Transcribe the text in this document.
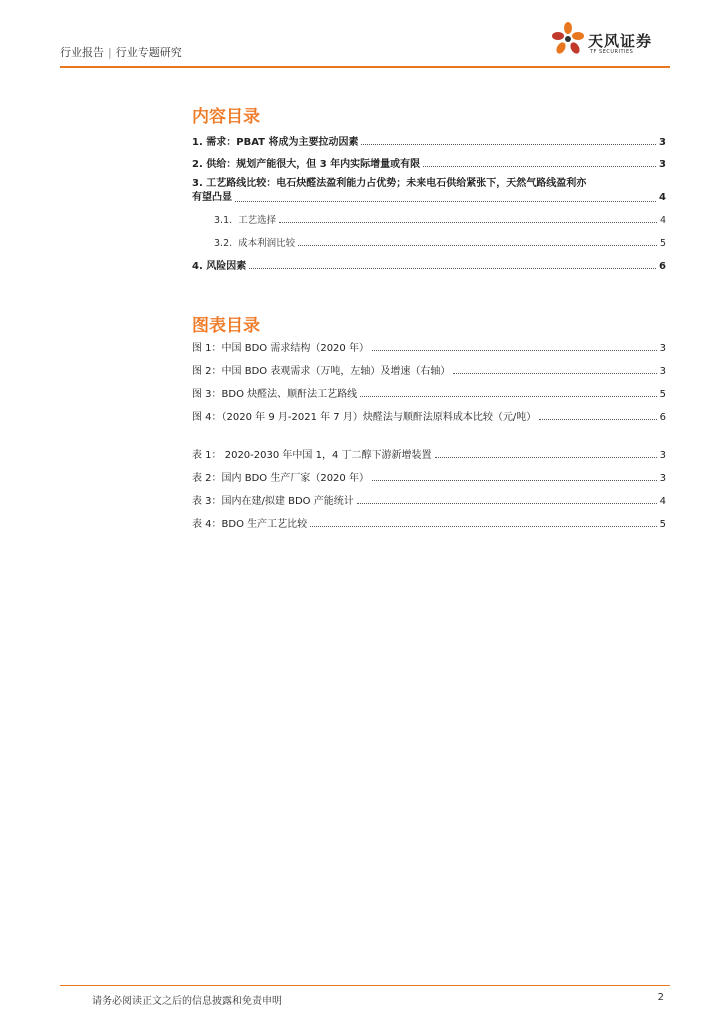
行业报告 | 行业专题研究
天风证券
TF SECURITIES
内容目录
1. 需求：PBAT 将成为主要拉动因素	3
2. 供给：规划产能很大，但 3 年内实际增量或有限	3
3. 工艺路线比较：电石炔醛法盈利能力占优势；未来电石供给紧张下，天然气路线盈利亦
有望凸显	4
3.1. 工艺选择	4
3.2. 成本利润比较	5
4. 风险因素	6
图表目录
图 1：中国 BDO 需求结构（2020 年）	3
图 2：中国 BDO 表观需求（万吨，左轴）及增速（右轴）	3
图 3：BDO 炔醛法、顺酐法工艺路线	5
图 4：（2020 年 9 月-2021 年 7 月）炔醛法与顺酐法原料成本比较（元/吨）	6
表 1： 2020-2030 年中国 1，4 丁二醇下游新增装置	3
表 2：国内 BDO 生产厂家（2020 年）	3
表 3：国内在建/拟建 BDO 产能统计	4
表 4：BDO 生产工艺比较	5
请务必阅读正文之后的信息披露和免责申明	2
